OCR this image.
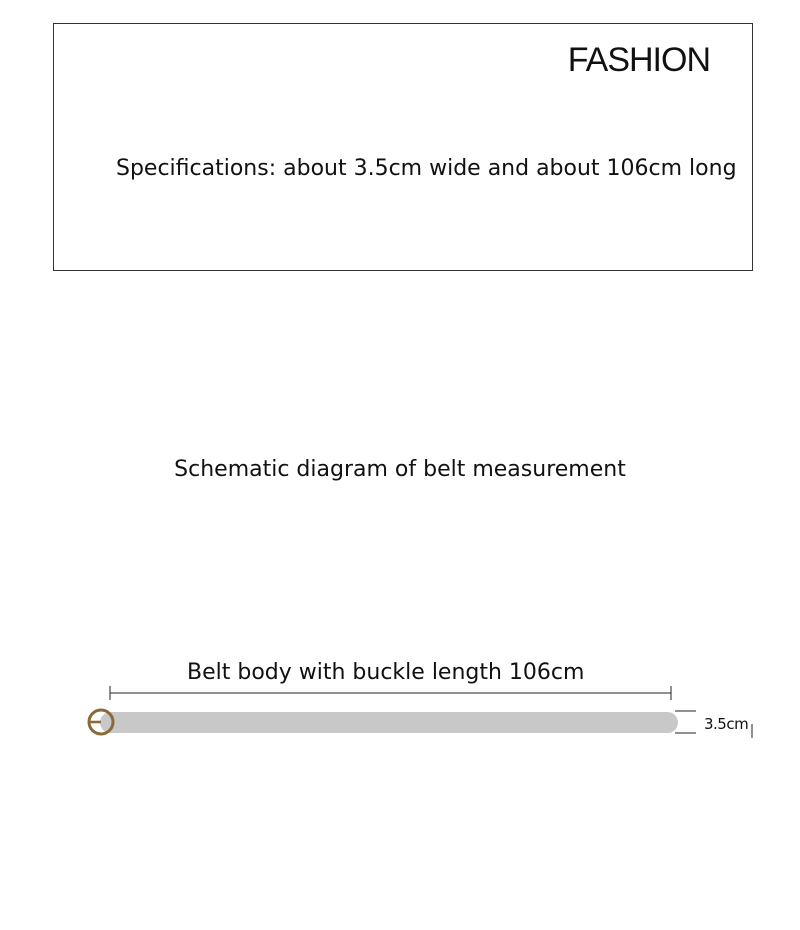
FASHION
Specifications: about 3.5cm wide and about 106cm long
Schematic diagram of belt measurement
Belt body with buckle length 106cm
3.5cm
